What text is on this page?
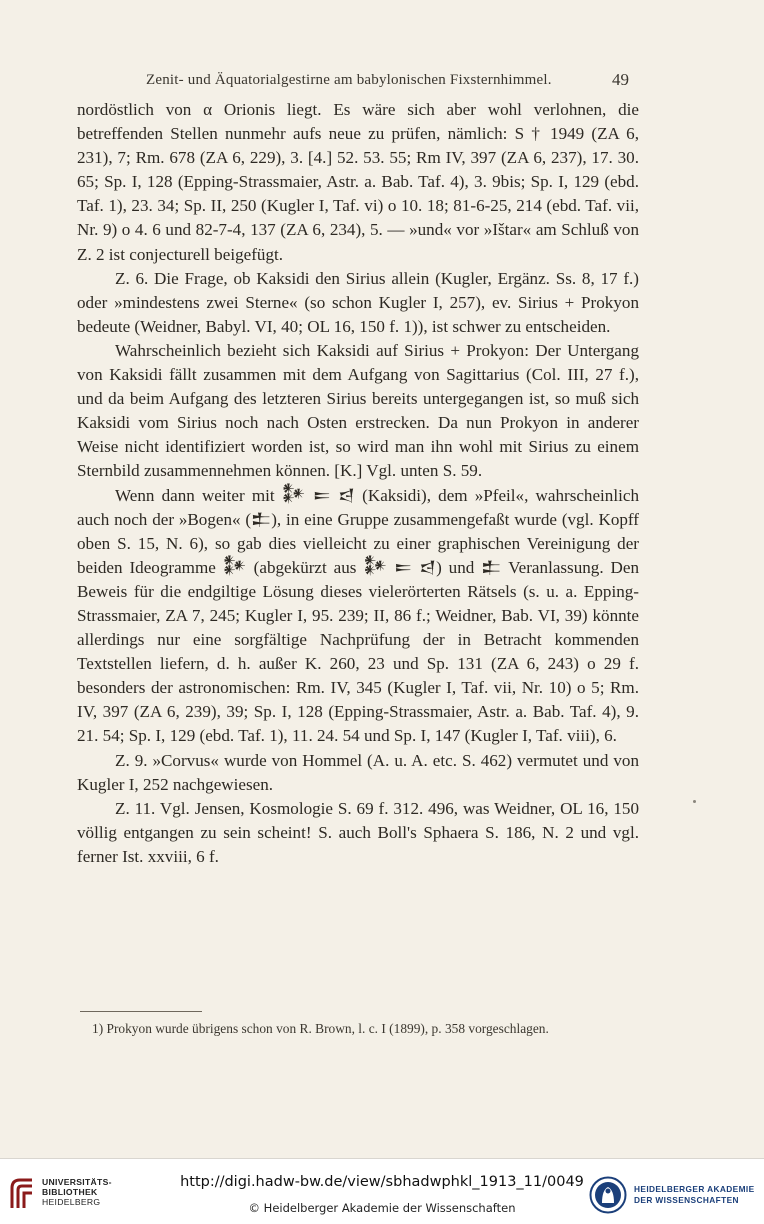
Zenit- und Äquatorialgestirne am babylonischen Fixsternhimmel.	49

nordöstlich von α Orionis liegt. Es wäre sich aber wohl verlohnen, die betreffenden Stellen nunmehr aufs neue zu prüfen, nämlich: S † 1949 (ZA 6, 231), 7; Rm. 678 (ZA 6, 229), 3. [4.] 52. 53. 55; Rm IV, 397 (ZA 6, 237), 17. 30. 65; Sp. I, 128 (Epping-Strassmaier, Astr. a. Bab. Taf. 4), 3. 9bis; Sp. I, 129 (ebd. Taf. 1), 23. 34; Sp. II, 250 (Kugler I, Taf. vi) o 10. 18; 81-6-25, 214 (ebd. Taf. vii, Nr. 9) o 4. 6 und 82-7-4, 137 (ZA 6, 234), 5. — »und« vor »Ištar« am Schluß von Z. 2 ist conjecturell beigefügt.

Z. 6. Die Frage, ob Kaksidi den Sirius allein (Kugler, Ergänz. Ss. 8, 17 f.) oder »mindestens zwei Sterne« (so schon Kugler I, 257), ev. Sirius + Prokyon bedeute (Weidner, Babyl. VI, 40; OL 16, 150 f. 1)), ist schwer zu entscheiden.

Wahrscheinlich bezieht sich Kaksidi auf Sirius + Prokyon: Der Untergang von Kaksidi fällt zusammen mit dem Aufgang von Sagittarius (Col. III, 27 f.), und da beim Aufgang des letzteren Sirius bereits untergegangen ist, so muß sich Kaksidi vom Sirius noch nach Osten erstrecken. Da nun Prokyon in anderer Weise nicht identifiziert worden ist, so wird man ihn wohl mit Sirius zu einem Sternbild zusammennehmen können. [K.] Vgl. unten S. 59.

Wenn dann weiter mit 𒀯 𒋰 𒁀 (Kaksidi), dem »Pfeil«, wahrscheinlich auch noch der »Bogen« (𒉺), in eine Gruppe zusammengefaßt wurde (vgl. Kopff oben S. 15, N. 6), so gab dies vielleicht zu einer graphischen Vereinigung der beiden Ideogramme 𒀯 (abgekürzt aus 𒀯 𒋰 𒁀) und 𒉺 Veranlassung. Den Beweis für die endgiltige Lösung dieses vielerörterten Rätsels (s. u. a. Epping-Strassmaier, ZA 7, 245; Kugler I, 95. 239; II, 86 f.; Weidner, Bab. VI, 39) könnte allerdings nur eine sorgfältige Nachprüfung der in Betracht kommenden Textstellen liefern, d. h. außer K. 260, 23 und Sp. 131 (ZA 6, 243) o 29 f. besonders der astronomischen: Rm. IV, 345 (Kugler I, Taf. vii, Nr. 10) o 5; Rm. IV, 397 (ZA 6, 239), 39; Sp. I, 128 (Epping-Strassmaier, Astr. a. Bab. Taf. 4), 9. 21. 54; Sp. I, 129 (ebd. Taf. 1), 11. 24. 54 und Sp. I, 147 (Kugler I, Taf. viii), 6.

Z. 9. »Corvus« wurde von Hommel (A. u. A. etc. S. 462) vermutet und von Kugler I, 252 nachgewiesen.

Z. 11. Vgl. Jensen, Kosmologie S. 69 f. 312. 496, was Weidner, OL 16, 150 völlig entgangen zu sein scheint! S. auch Boll's Sphaera S. 186, N. 2 und vgl. ferner Ist. xxviii, 6 f.

1) Prokyon wurde übrigens schon von R. Brown, l. c. I (1899), p. 358 vorgeschlagen.
UNIVERSITÄTS-
BIBLIOTHEK
HEIDELBERG
http://digi.hadw-bw.de/view/sbhadwphkl_1913_11/0049
© Heidelberger Akademie der Wissenschaften
HEIDELBERGER AKADEMIE
DER WISSENSCHAFTEN
